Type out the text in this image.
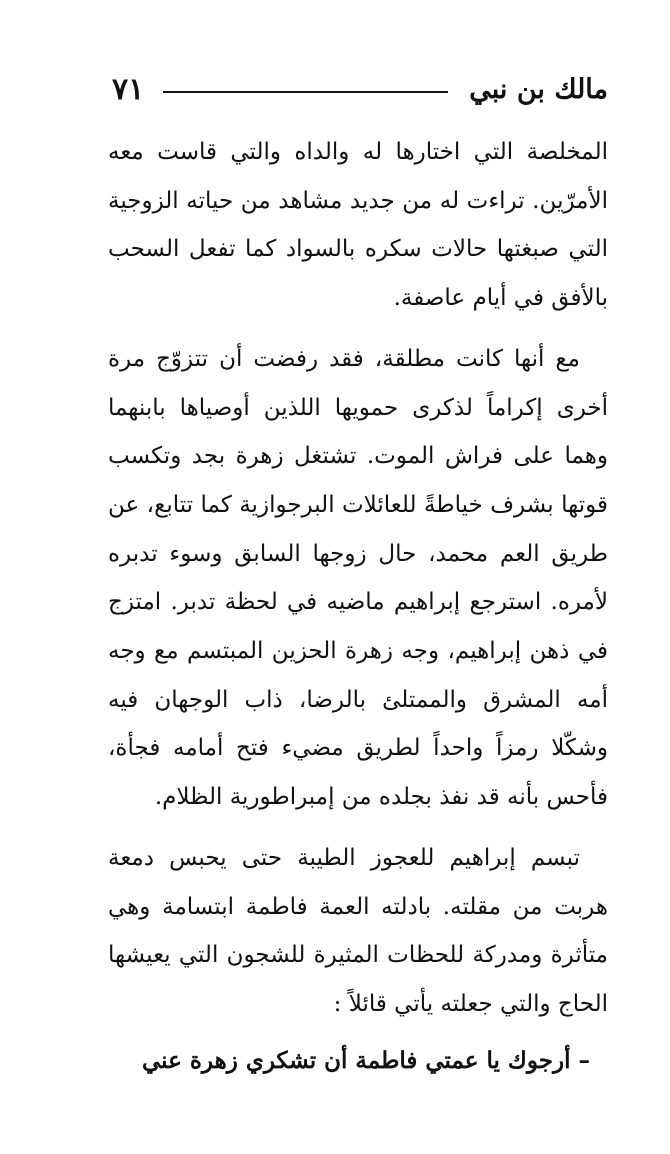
٧١	مالك بن نبي

المخلصة التي اختارها له والداه والتي قاست معه الأمرّين. تراءت له من جديد مشاهد من حياته الزوجية التي صبغتها حالات سكره بالسواد كما تفعل السحب بالأفق في أيام عاصفة.

مع أنها كانت مطلقة، فقد رفضت أن تتزوّج مرة أخرى إكراماً لذكرى حمويها اللذين أوصياها بابنهما وهما على فراش الموت. تشتغل زهرة بجد وتكسب قوتها بشرف خياطةً للعائلات البرجوازية كما تتابع، عن طريق العم محمد، حال زوجها السابق وسوء تدبره لأمره. استرجع إبراهيم ماضيه في لحظة تدبر. امتزج في ذهن إبراهيم، وجه زهرة الحزين المبتسم مع وجه أمه المشرق والممتلئ بالرضا، ذاب الوجهان فيه وشكّلا رمزاً واحداً لطريق مضيء فتح أمامه فجأة، فأحس بأنه قد نفذ بجلده من إمبراطورية الظلام.

تبسم إبراهيم للعجوز الطيبة حتى يحبس دمعة هربت من مقلته. بادلته العمة فاطمة ابتسامة وهي متأثرة ومدركة للحظات المثيرة للشجون التي يعيشها الحاج والتي جعلته يأتي قائلاً :

– أرجوك يا عمتي فاطمة أن تشكري زهرة عني
